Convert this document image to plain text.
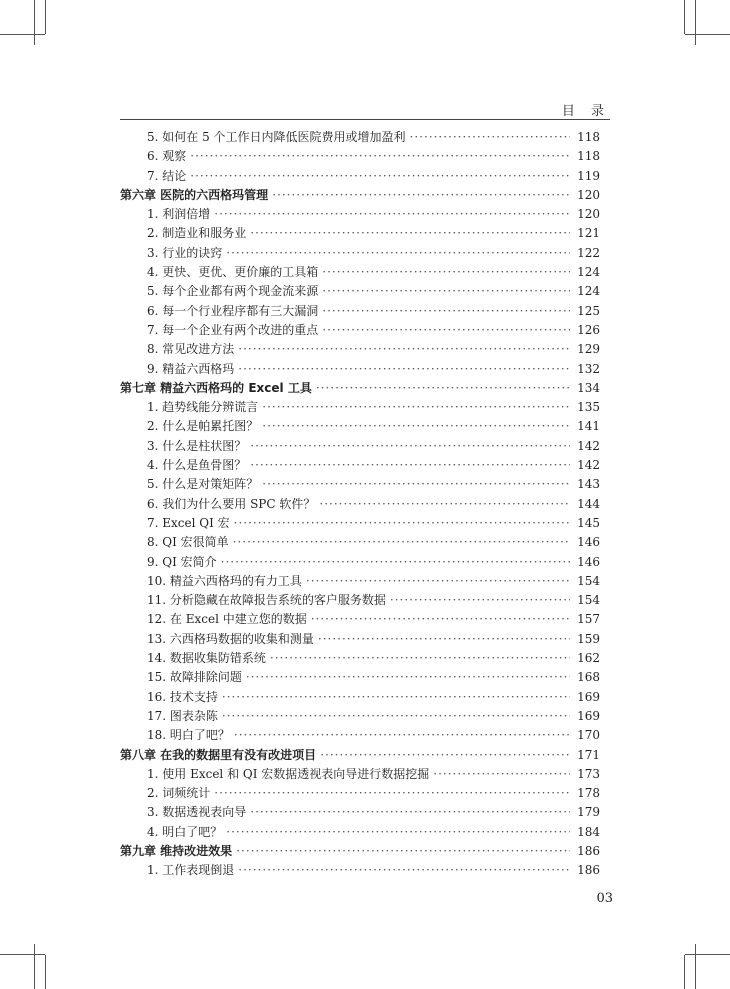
目 录
5. 如何在 5 个工作日内降低医院费用或增加盈利 ·····	118
6. 观察 ·····	118
7. 结论 ·····	119
第六章 医院的六西格玛管理 ·····	120
1. 利润倍增 ·····	120
2. 制造业和服务业 ·····	121
3. 行业的诀窍 ·····	122
4. 更快、更优、更价廉的工具箱 ·····	124
5. 每个企业都有两个现金流来源 ·····	124
6. 每一个行业程序都有三大漏洞 ·····	125
7. 每一个企业有两个改进的重点 ·····	126
8. 常见改进方法 ·····	129
9. 精益六西格玛 ·····	132
第七章 精益六西格玛的 Excel 工具 ·····	134
1. 趋势线能分辨谎言 ·····	135
2. 什么是帕累托图？ ·····	141
3. 什么是柱状图？ ·····	142
4. 什么是鱼骨图？ ·····	142
5. 什么是对策矩阵？ ·····	143
6. 我们为什么要用 SPC 软件？ ·····	144
7. Excel QI 宏 ·····	145
8. QI 宏很简单 ·····	146
9. QI 宏简介 ·····	146
10. 精益六西格玛的有力工具 ·····	154
11. 分析隐藏在故障报告系统的客户服务数据 ·····	154
12. 在 Excel 中建立您的数据 ·····	157
13. 六西格玛数据的收集和测量 ·····	159
14. 数据收集防错系统 ·····	162
15. 故障排除问题 ·····	168
16. 技术支持 ·····	169
17. 图表杂陈 ·····	169
18. 明白了吧？ ·····	170
第八章 在我的数据里有没有改进项目 ·····	171
1. 使用 Excel 和 QI 宏数据透视表向导进行数据挖掘 ·····	173
2. 词频统计 ·····	178
3. 数据透视表向导 ·····	179
4. 明白了吧？ ·····	184
第九章 维持改进效果 ·····	186
1. 工作表现倒退 ·····	186
03
